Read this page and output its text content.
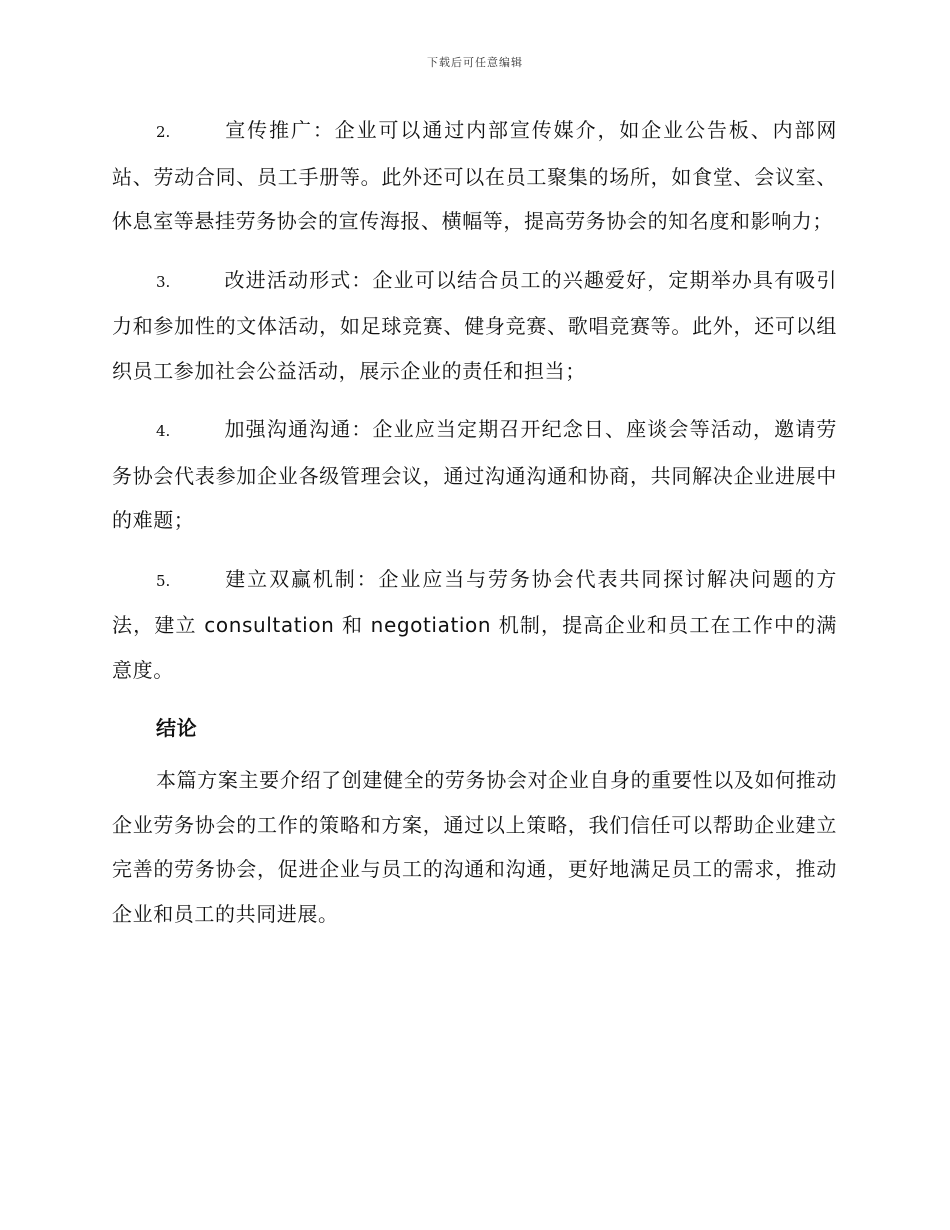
下载后可任意编辑

2.	宣传推广：企业可以通过内部宣传媒介，如企业公告板、内部网站、劳动合同、员工手册等。此外还可以在员工聚集的场所，如食堂、会议室、休息室等悬挂劳务协会的宣传海报、横幅等，提高劳务协会的知名度和影响力；

3.	改进活动形式：企业可以结合员工的兴趣爱好，定期举办具有吸引力和参加性的文体活动，如足球竞赛、健身竞赛、歌唱竞赛等。此外，还可以组织员工参加社会公益活动，展示企业的责任和担当；

4.	加强沟通沟通：企业应当定期召开纪念日、座谈会等活动，邀请劳务协会代表参加企业各级管理会议，通过沟通沟通和协商，共同解决企业进展中的难题；

5.	建立双赢机制：企业应当与劳务协会代表共同探讨解决问题的方法，建立 consultation 和 negotiation 机制，提高企业和员工在工作中的满意度。

结论

本篇方案主要介绍了创建健全的劳务协会对企业自身的重要性以及如何推动企业劳务协会的工作的策略和方案，通过以上策略，我们信任可以帮助企业建立完善的劳务协会，促进企业与员工的沟通和沟通，更好地满足员工的需求，推动企业和员工的共同进展。
